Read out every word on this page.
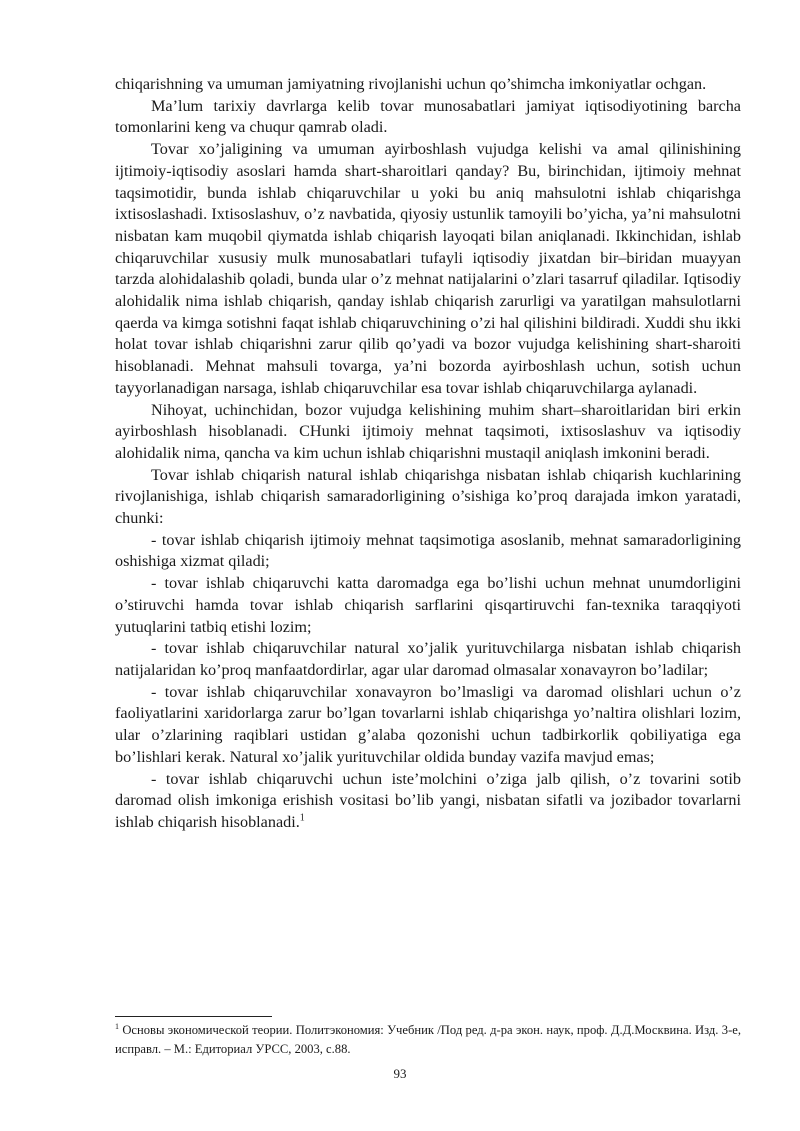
chiqarishning va umuman jamiyatning rivojlanishi uchun qo’shimcha imkoniyatlar ochgan.

Ma’lum tarixiy davrlarga kelib tovar munosabatlari jamiyat iqtisodiyotining barcha tomonlarini keng va chuqur qamrab oladi.

Tovar xo’jaligining va umuman ayirboshlash vujudga kelishi va amal qilinishining ijtimoiy-iqtisodiy asoslari hamda shart-sharoitlari qanday? Bu, birinchidan, ijtimoiy mehnat taqsimotidir, bunda ishlab chiqaruvchilar u yoki bu aniq mahsulotni ishlab chiqarishga ixtisoslashadi. Ixtisoslashuv, o’z navbatida, qiyosiy ustunlik tamoyili bo’yicha, ya’ni mahsulotni nisbatan kam muqobil qiymatda ishlab chiqarish layoqati bilan aniqlanadi. Ikkinchidan, ishlab chiqaruvchilar xususiy mulk munosabatlari tufayli iqtisodiy jixatdan bir–biridan muayyan tarzda alohidalashib qoladi, bunda ular o’z mehnat natijalarini o’zlari tasarruf qiladilar. Iqtisodiy alohidalik nima ishlab chiqarish, qanday ishlab chiqarish zarurligi va yaratilgan mahsulotlarni qaerda va kimga sotishni faqat ishlab chiqaruvchining o’zi hal qilishini bildiradi. Xuddi shu ikki holat tovar ishlab chiqarishni zarur qilib qo’yadi va bozor vujudga kelishining shart-sharoiti hisoblanadi. Mehnat mahsuli tovarga, ya’ni bozorda ayirboshlash uchun, sotish uchun tayyorlanadigan narsaga, ishlab chiqaruvchilar esa tovar ishlab chiqaruvchilarga aylanadi.

Nihoyat, uchinchidan, bozor vujudga kelishining muhim shart–sharoitlaridan biri erkin ayirboshlash hisoblanadi. CHunki ijtimoiy mehnat taqsimoti, ixtisoslashuv va iqtisodiy alohidalik nima, qancha va kim uchun ishlab chiqarishni mustaqil aniqlash imkonini beradi.

Tovar ishlab chiqarish natural ishlab chiqarishga nisbatan ishlab chiqarish kuchlarining rivojlanishiga, ishlab chiqarish samaradorligining o’sishiga ko’proq darajada imkon yaratadi, chunki:

- tovar ishlab chiqarish ijtimoiy mehnat taqsimotiga asoslanib, mehnat samaradorligining oshishiga xizmat qiladi;

- tovar ishlab chiqaruvchi katta daromadga ega bo’lishi uchun mehnat unumdorligini o’stiruvchi hamda tovar ishlab chiqarish sarflarini qisqartiruvchi fan-texnika taraqqiyoti yutuqlarini tatbiq etishi lozim;

- tovar ishlab chiqaruvchilar natural xo’jalik yurituvchilarga nisbatan ishlab chiqarish natijalaridan ko’proq manfaatdordirlar, agar ular daromad olmasalar xonavayron bo’ladilar;

- tovar ishlab chiqaruvchilar xonavayron bo’lmasligi va daromad olishlari uchun o’z faoliyatlarini xaridorlarga zarur bo’lgan tovarlarni ishlab chiqarishga yo’naltira olishlari lozim, ular o’zlarining raqiblari ustidan g’alaba qozonishi uchun tadbirkorlik qobiliyatiga ega bo’lishlari kerak. Natural xo’jalik yurituvchilar oldida bunday vazifa mavjud emas;

- tovar ishlab chiqaruvchi uchun iste’molchini o’ziga jalb qilish, o’z tovarini sotib daromad olish imkoniga erishish vositasi bo’lib yangi, nisbatan sifatli va jozibador tovarlarni ishlab chiqarish hisoblanadi.$^1$

$^1$ Основы экономической теории. Политэкономия: Учебник /Под ред. д-ра экон. наук, проф. Д.Д.Москвина. Изд. 3-е, исправл. – М.: Едиториал УРСС, 2003, с.88.
93
